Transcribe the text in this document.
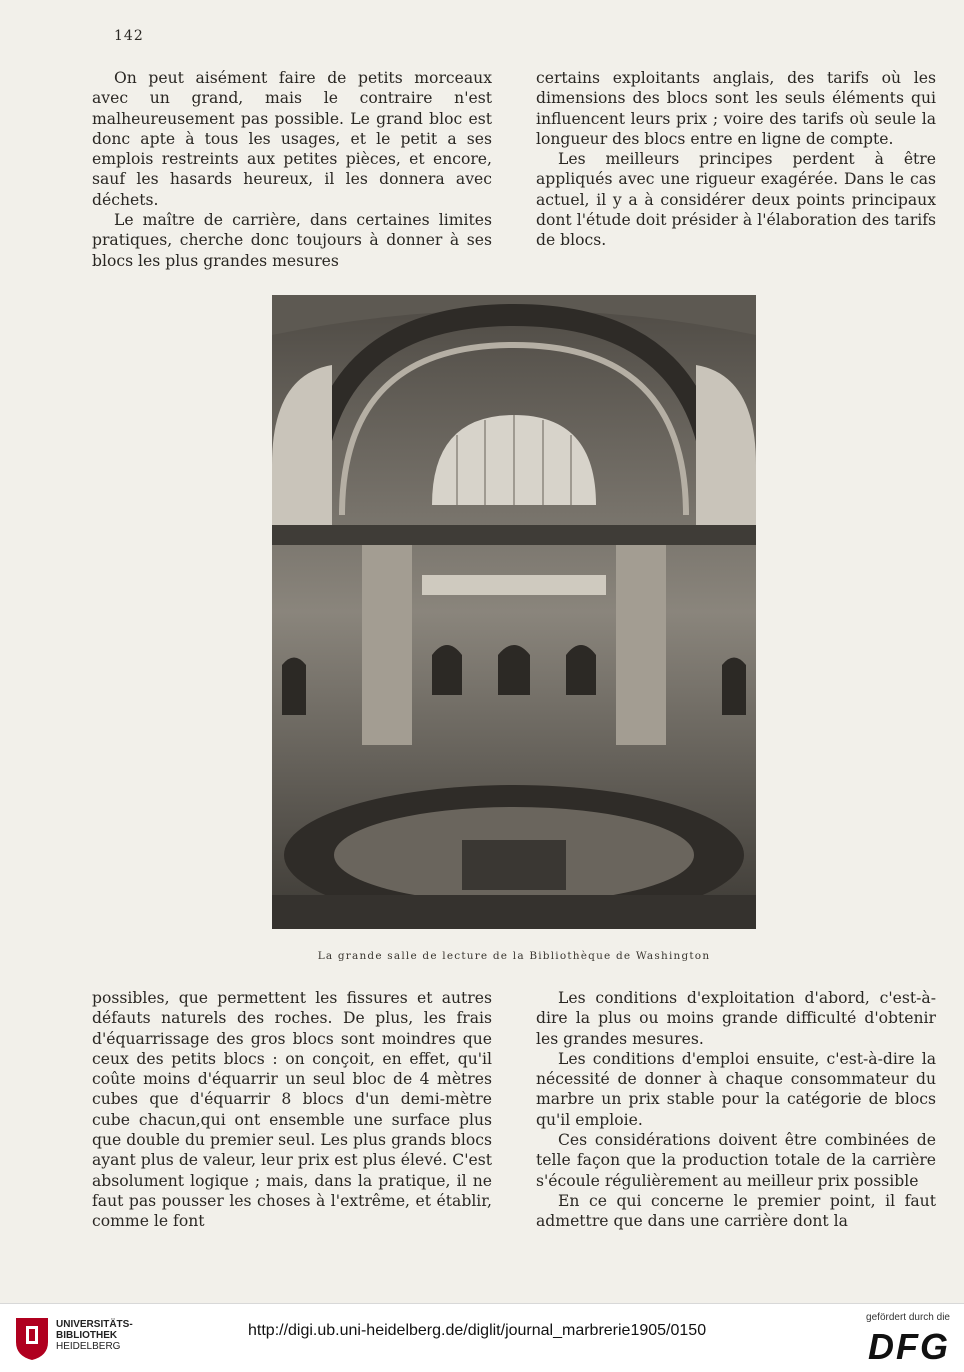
142

On peut aisément faire de petits morceaux avec un grand, mais le contraire n'est malheureusement pas possible. Le grand bloc est donc apte à tous les usages, et le petit a ses emplois restreints aux petites pièces, et encore, sauf les hasards heureux, il les donnera avec déchets.

Le maître de carrière, dans certaines limites pratiques, cherche donc toujours à donner à ses blocs les plus grandes mesures

certains exploitants anglais, des tarifs où les dimensions des blocs sont les seuls éléments qui influencent leurs prix ; voire des tarifs où seule la longueur des blocs entre en ligne de compte.

Les meilleurs principes perdent à être appliqués avec une rigueur exagérée. Dans le cas actuel, il y a à considérer deux points principaux dont l'étude doit présider à l'élaboration des tarifs de blocs.

La grande salle de lecture de la Bibliothèque de Washington

possibles, que permettent les fissures et autres défauts naturels des roches. De plus, les frais d'équarrissage des gros blocs sont moindres que ceux des petits blocs : on conçoit, en effet, qu'il coûte moins d'équarrir un seul bloc de 4 mètres cubes que d'équarrir 8 blocs d'un demi-mètre cube chacun,qui ont ensemble une surface plus que double du premier seul. Les plus grands blocs ayant plus de valeur, leur prix est plus élevé. C'est absolument logique ; mais, dans la pratique, il ne faut pas pousser les choses à l'extrême, et établir, comme le font

Les conditions d'exploitation d'abord, c'est-à-dire la plus ou moins grande difficulté d'obtenir les grandes mesures.

Les conditions d'emploi ensuite, c'est-à-dire la nécessité de donner à chaque consommateur du marbre un prix stable pour la catégorie de blocs qu'il emploie.

Ces considérations doivent être combinées de telle façon que la production totale de la carrière s'écoule régulièrement au meilleur prix possible

En ce qui concerne le premier point, il faut admettre que dans une carrière dont la

UNIVERSITÄTS-
BIBLIOTHEK
HEIDELBERG
http://digi.ub.uni-heidelberg.de/diglit/journal_marbrerie1905/0150
gefördert durch die
DFG
